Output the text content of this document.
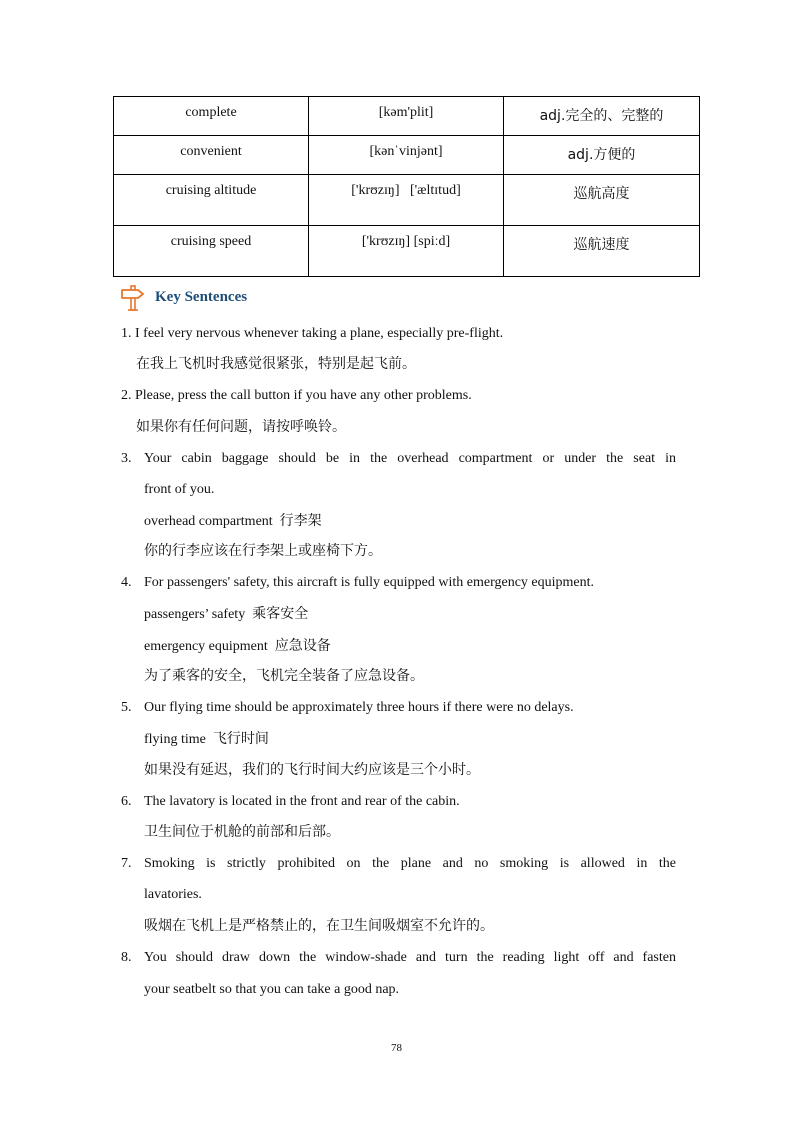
complete	[kəm'plit]	adj.完全的、完整的
convenient	[kənˈvinjənt]	adj.方便的
cruising altitude	['krʊzɪŋ]   ['æltɪtud]	巡航高度
cruising speed	['krʊzɪŋ] [spiːd]	巡航速度
Key Sentences
1. I feel very nervous whenever taking a plane, especially pre-flight.
在我上飞机时我感觉很紧张，特别是起飞前。
2. Please, press the call button if you have any other problems.
如果你有任何问题，请按呼唤铃。
3. Your cabin baggage should be in the overhead compartment or under the seat in
front of you.
overhead compartment 行李架
你的行李应该在行李架上或座椅下方。
4. For passengers' safety, this aircraft is fully equipped with emergency equipment.
passengers’ safety 乘客安全
emergency equipment 应急设备
为了乘客的安全，飞机完全装备了应急设备。
5. Our flying time should be approximately three hours if there were no delays.
flying time 飞行时间
如果没有延迟，我们的飞行时间大约应该是三个小时。
6. The lavatory is located in the front and rear of the cabin.
卫生间位于机舱的前部和后部。
7. Smoking is strictly prohibited on the plane and no smoking is allowed in the
lavatories.
吸烟在飞机上是严格禁止的，在卫生间吸烟室不允许的。
8. You should draw down the window-shade and turn the reading light off and fasten
your seatbelt so that you can take a good nap.
78
